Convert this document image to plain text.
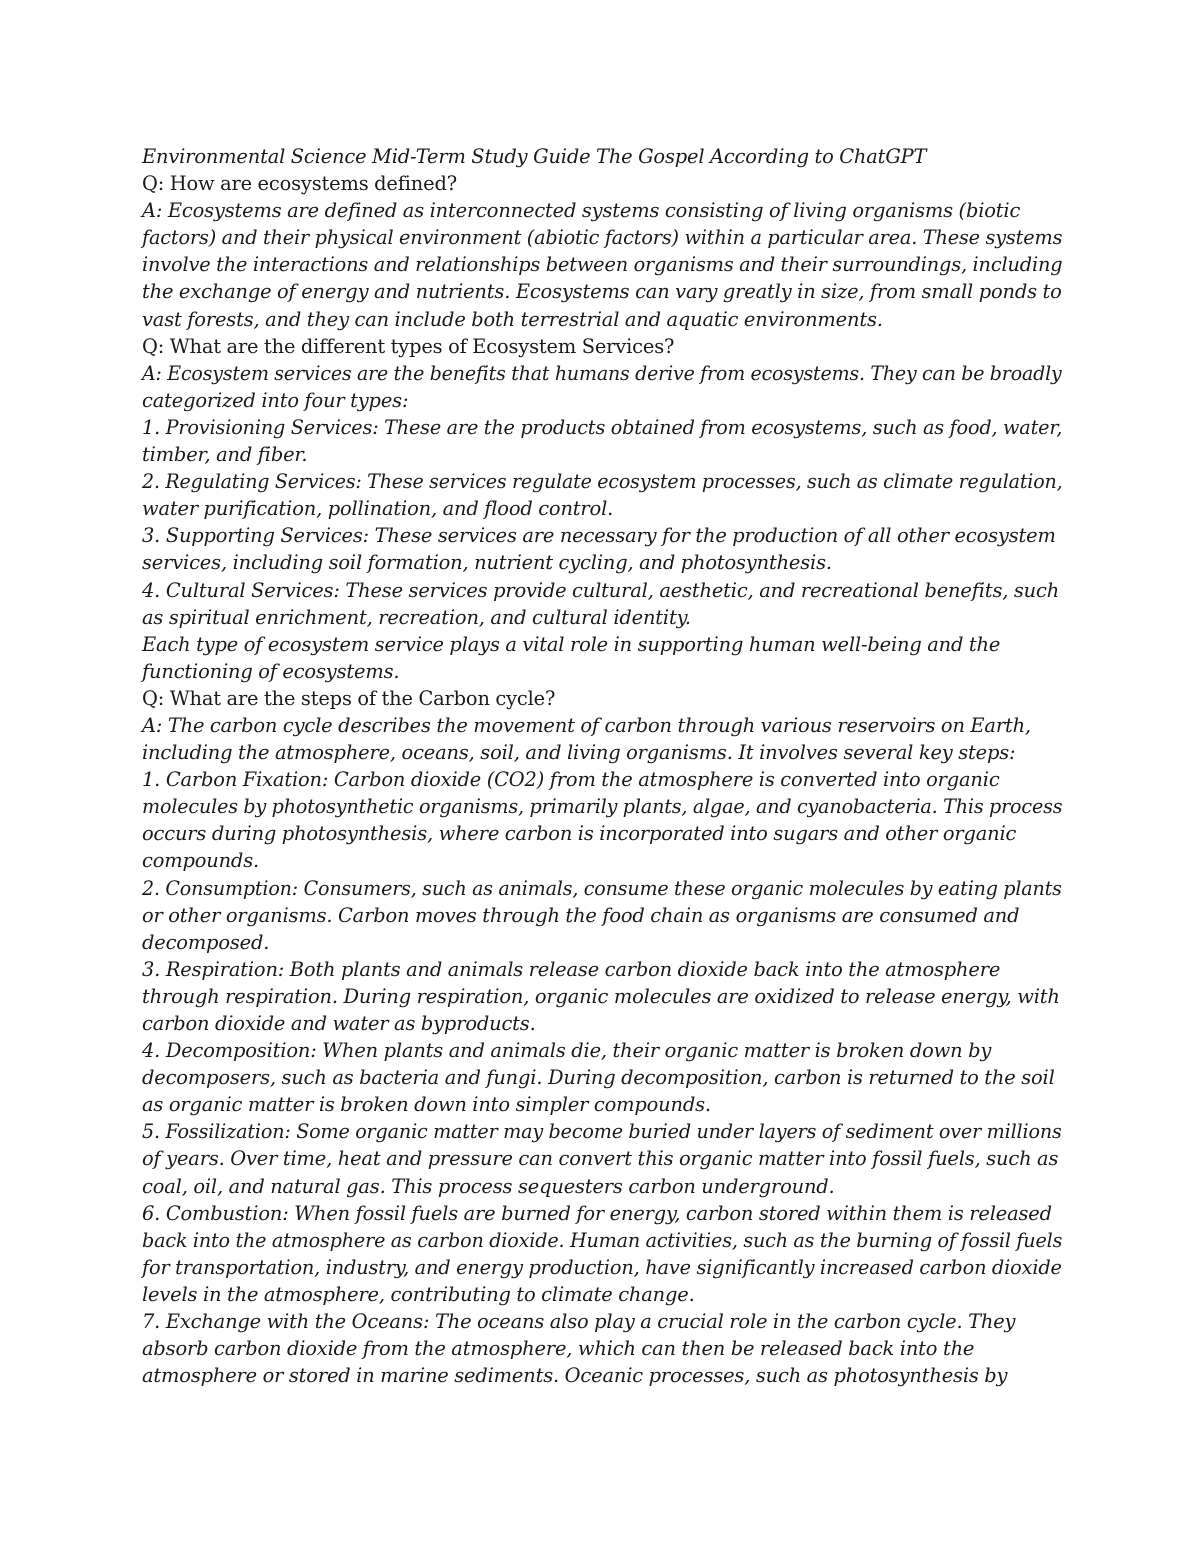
Environmental Science Mid-Term Study Guide The Gospel According to ChatGPT
Q: How are ecosystems defined?
A: Ecosystems are defined as interconnected systems consisting of living organisms (biotic
factors) and their physical environment (abiotic factors) within a particular area. These systems
involve the interactions and relationships between organisms and their surroundings, including
the exchange of energy and nutrients. Ecosystems can vary greatly in size, from small ponds to
vast forests, and they can include both terrestrial and aquatic environments.
Q: What are the different types of Ecosystem Services?
A: Ecosystem services are the benefits that humans derive from ecosystems. They can be broadly
categorized into four types:
1. Provisioning Services: These are the products obtained from ecosystems, such as food, water,
timber, and fiber.
2. Regulating Services: These services regulate ecosystem processes, such as climate regulation,
water purification, pollination, and flood control.
3. Supporting Services: These services are necessary for the production of all other ecosystem
services, including soil formation, nutrient cycling, and photosynthesis.
4. Cultural Services: These services provide cultural, aesthetic, and recreational benefits, such
as spiritual enrichment, recreation, and cultural identity.
Each type of ecosystem service plays a vital role in supporting human well-being and the
functioning of ecosystems.
Q: What are the steps of the Carbon cycle?
A: The carbon cycle describes the movement of carbon through various reservoirs on Earth,
including the atmosphere, oceans, soil, and living organisms. It involves several key steps:
1. Carbon Fixation: Carbon dioxide (CO2) from the atmosphere is converted into organic
molecules by photosynthetic organisms, primarily plants, algae, and cyanobacteria. This process
occurs during photosynthesis, where carbon is incorporated into sugars and other organic
compounds.
2. Consumption: Consumers, such as animals, consume these organic molecules by eating plants
or other organisms. Carbon moves through the food chain as organisms are consumed and
decomposed.
3. Respiration: Both plants and animals release carbon dioxide back into the atmosphere
through respiration. During respiration, organic molecules are oxidized to release energy, with
carbon dioxide and water as byproducts.
4. Decomposition: When plants and animals die, their organic matter is broken down by
decomposers, such as bacteria and fungi. During decomposition, carbon is returned to the soil
as organic matter is broken down into simpler compounds.
5. Fossilization: Some organic matter may become buried under layers of sediment over millions
of years. Over time, heat and pressure can convert this organic matter into fossil fuels, such as
coal, oil, and natural gas. This process sequesters carbon underground.
6. Combustion: When fossil fuels are burned for energy, carbon stored within them is released
back into the atmosphere as carbon dioxide. Human activities, such as the burning of fossil fuels
for transportation, industry, and energy production, have significantly increased carbon dioxide
levels in the atmosphere, contributing to climate change.
7. Exchange with the Oceans: The oceans also play a crucial role in the carbon cycle. They
absorb carbon dioxide from the atmosphere, which can then be released back into the
atmosphere or stored in marine sediments. Oceanic processes, such as photosynthesis by
